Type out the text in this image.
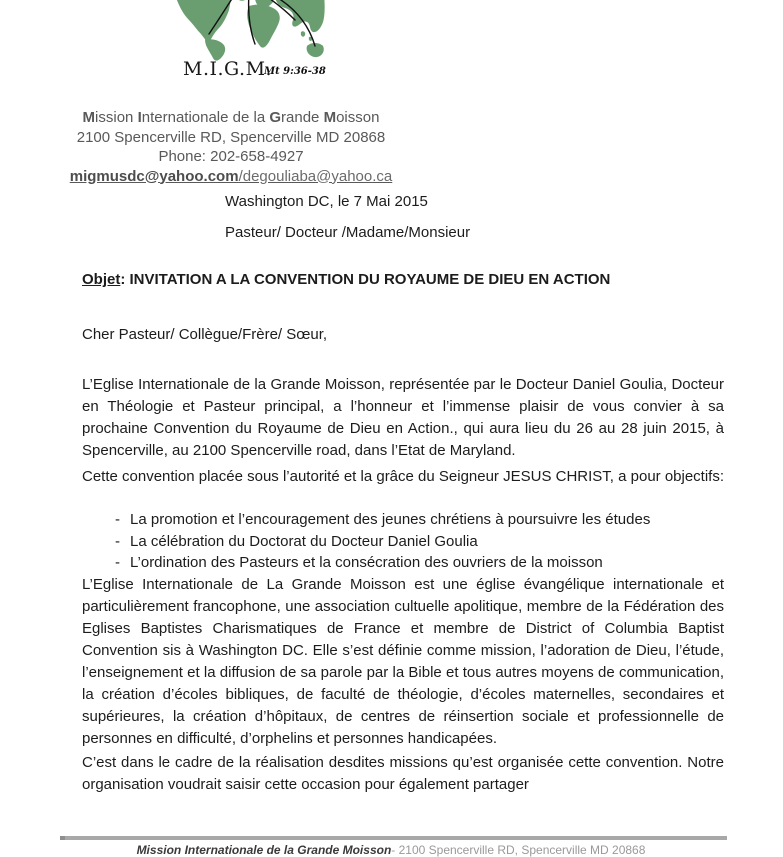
M.I.G.M.
Mt 9:36-38
Mission Internationale de la Grande Moisson
2100 Spencerville RD, Spencerville MD 20868
Phone: 202-658-4927
migmusdc@yahoo.com/degouliaba@yahoo.ca
Washington DC, le 7 Mai 2015
Pasteur/ Docteur /Madame/Monsieur
Objet: INVITATION A LA CONVENTION DU ROYAUME DE DIEU EN ACTION
Cher Pasteur/ Collègue/Frère/ Sœur,
L’Eglise Internationale de la Grande Moisson, représentée par le Docteur Daniel Goulia, Docteur en Théologie et Pasteur principal, a l’honneur et l’immense plaisir de vous convier à sa prochaine Convention du Royaume de Dieu en Action., qui aura lieu du 26 au 28 juin 2015, à Spencerville, au 2100 Spencerville road, dans l’Etat de Maryland.
Cette convention placée sous l’autorité et la grâce du Seigneur JESUS CHRIST, a pour objectifs:
- La promotion et l’encouragement des jeunes chrétiens à poursuivre les études
- La célébration du Doctorat du Docteur Daniel Goulia
- L’ordination des Pasteurs et la consécration des ouvriers de la moisson
L’Eglise Internationale de La Grande Moisson est une église évangélique internationale et particulièrement francophone, une association cultuelle apolitique, membre de la Fédération des Eglises Baptistes Charismatiques de France et membre de District of Columbia Baptist Convention sis à Washington DC. Elle s’est définie comme mission, l’adoration de Dieu, l’étude, l’enseignement et la diffusion de sa parole par la Bible et tous autres moyens de communication, la création d’écoles bibliques, de faculté de théologie, d’écoles maternelles, secondaires et supérieures, la création d’hôpitaux, de centres de réinsertion sociale et professionnelle de personnes en difficulté, d’orphelins et personnes handicapées.
C’est dans le cadre de la réalisation desdites missions qu’est organisée cette convention. Notre organisation voudrait saisir cette occasion pour également partager
Mission Internationale de la Grande Moisson- 2100 Spencerville RD, Spencerville MD 20868
